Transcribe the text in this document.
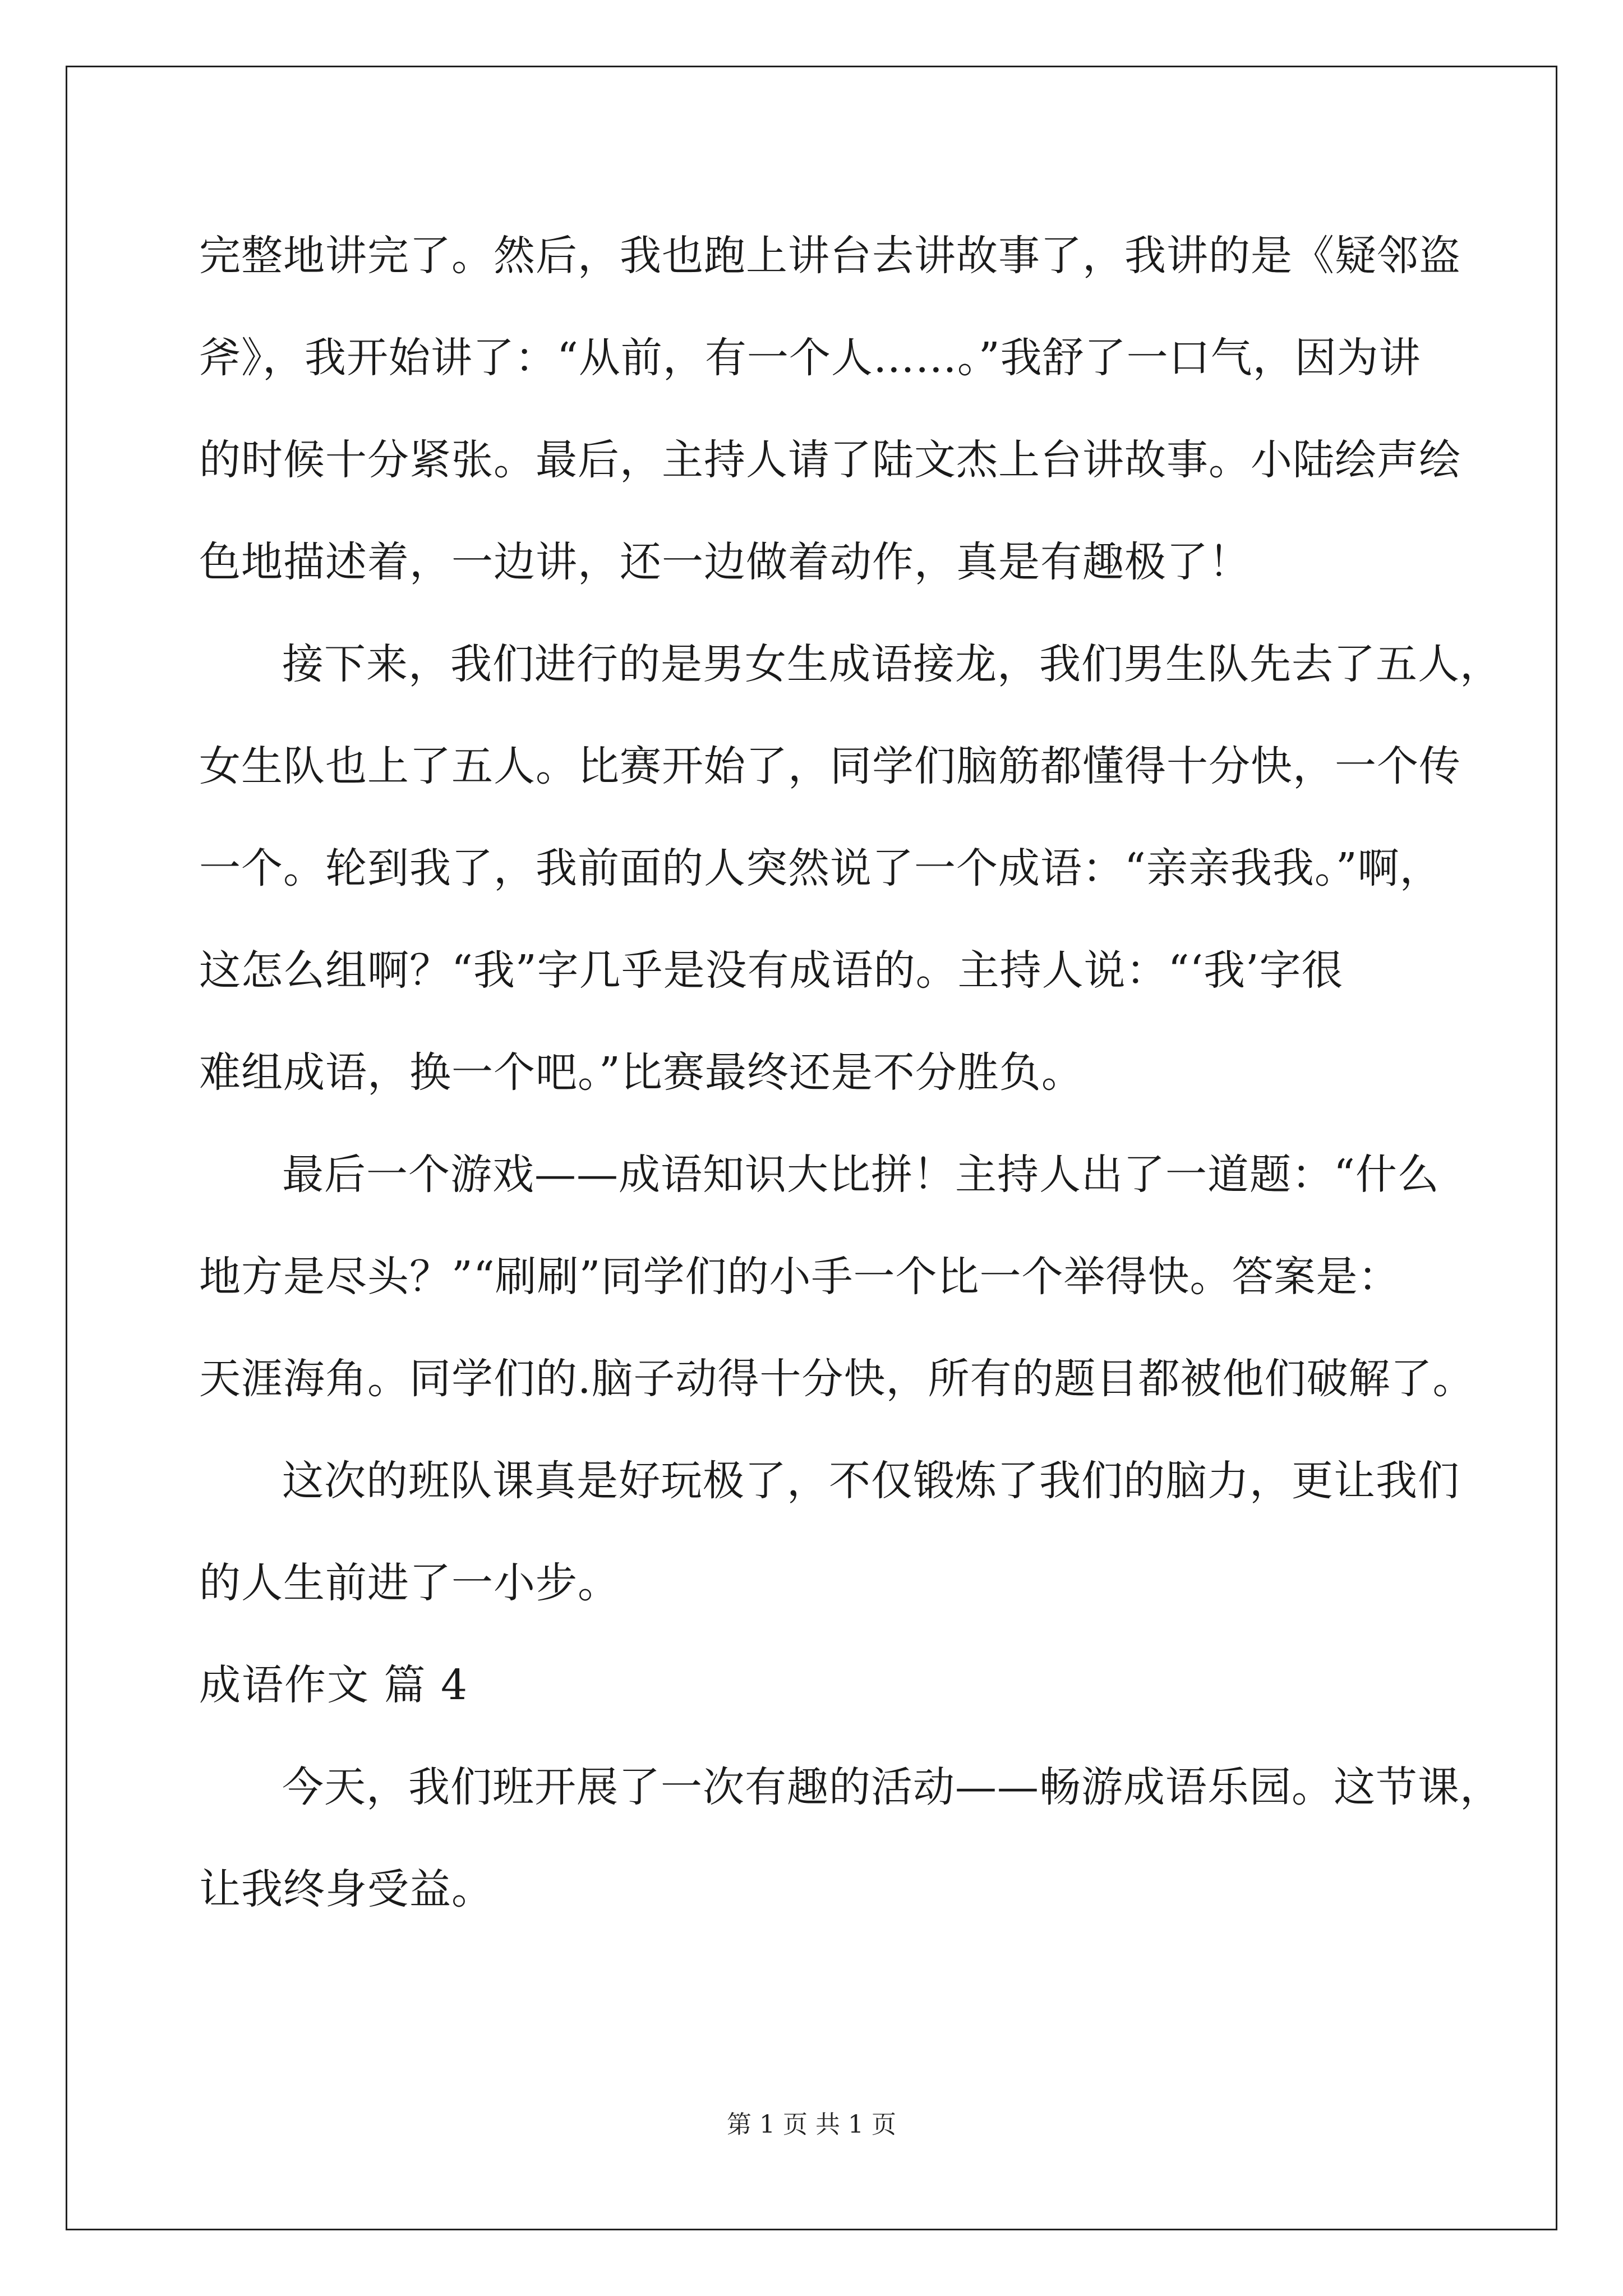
完整地讲完了。然后，我也跑上讲台去讲故事了，我讲的是《疑邻盗
斧》，我开始讲了：“从前，有一个人……。”我舒了一口气，因为讲
的时候十分紧张。最后，主持人请了陆文杰上台讲故事。小陆绘声绘
色地描述着，一边讲，还一边做着动作，真是有趣极了！
接下来，我们进行的是男女生成语接龙，我们男生队先去了五人，
女生队也上了五人。比赛开始了，同学们脑筋都懂得十分快，一个传
一个。轮到我了，我前面的人突然说了一个成语：“亲亲我我。”啊，
这怎么组啊？“我”字几乎是没有成语的。主持人说：“‘我’字很
难组成语，换一个吧。”比赛最终还是不分胜负。
最后一个游戏——成语知识大比拼！主持人出了一道题：“什么
地方是尽头？”“刷刷”同学们的小手一个比一个举得快。答案是：
天涯海角。同学们的.脑子动得十分快，所有的题目都被他们破解了。
这次的班队课真是好玩极了，不仅锻炼了我们的脑力，更让我们
的人生前进了一小步。
成语作文 篇 4
今天，我们班开展了一次有趣的活动——畅游成语乐园。这节课，
让我终身受益。
第 1 页 共 1 页
